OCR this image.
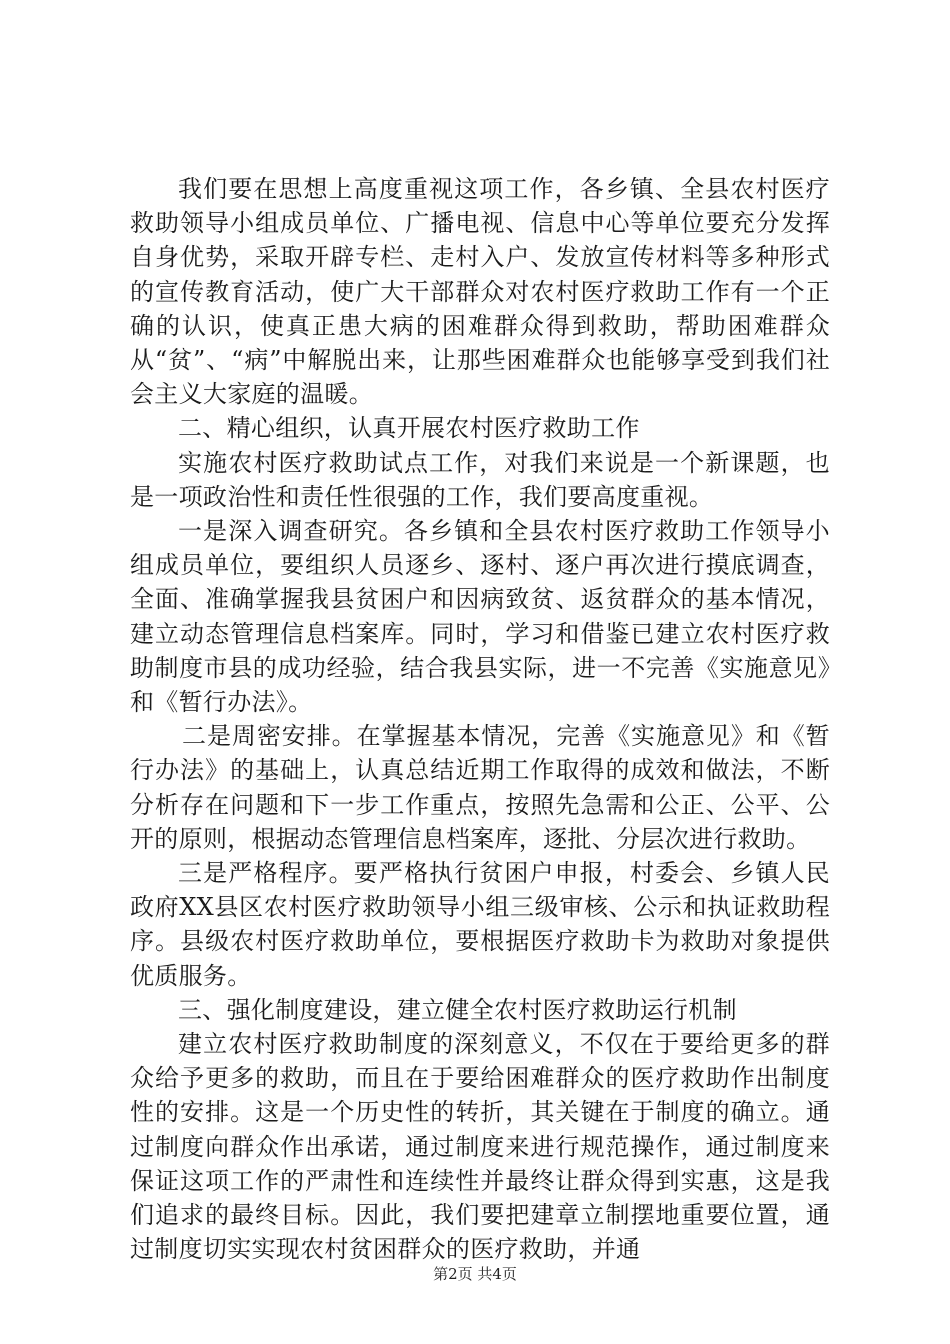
我们要在思想上高度重视这项工作，各乡镇、全县农村医疗救助领导小组成员单位、广播电视、信息中心等单位要充分发挥自身优势，采取开辟专栏、走村入户、发放宣传材料等多种形式的宣传教育活动，使广大干部群众对农村医疗救助工作有一个正确的认识，使真正患大病的困难群众得到救助，帮助困难群众从“贫”、“病”中解脱出来，让那些困难群众也能够享受到我们社会主义大家庭的温暖。

二、精心组织，认真开展农村医疗救助工作

实施农村医疗救助试点工作，对我们来说是一个新课题，也是一项政治性和责任性很强的工作，我们要高度重视。

一是深入调查研究。各乡镇和全县农村医疗救助工作领导小组成员单位，要组织人员逐乡、逐村、逐户再次进行摸底调查，全面、准确掌握我县贫困户和因病致贫、返贫群众的基本情况，建立动态管理信息档案库。同时，学习和借鉴已建立农村医疗救助制度市县的成功经验，结合我县实际，进一不完善《实施意见》和《暂行办法》。

二是周密安排。在掌握基本情况，完善《实施意见》和《暂行办法》的基础上，认真总结近期工作取得的成效和做法，不断分析存在问题和下一步工作重点，按照先急需和公正、公平、公开的原则，根据动态管理信息档案库，逐批、分层次进行救助。

三是严格程序。要严格执行贫困户申报，村委会、乡镇人民政府XX县区农村医疗救助领导小组三级审核、公示和执证救助程序。县级农村医疗救助单位，要根据医疗救助卡为救助对象提供优质服务。

三、强化制度建设，建立健全农村医疗救助运行机制

建立农村医疗救助制度的深刻意义，不仅在于要给更多的群众给予更多的救助，而且在于要给困难群众的医疗救助作出制度性的安排。这是一个历史性的转折，其关键在于制度的确立。通过制度向群众作出承诺，通过制度来进行规范操作，通过制度来保证这项工作的严肃性和连续性并最终让群众得到实惠，这是我们追求的最终目标。因此，我们要把建章立制摆地重要位置，通过制度切实实现农村贫困群众的医疗救助，并通

第2页 共4页
